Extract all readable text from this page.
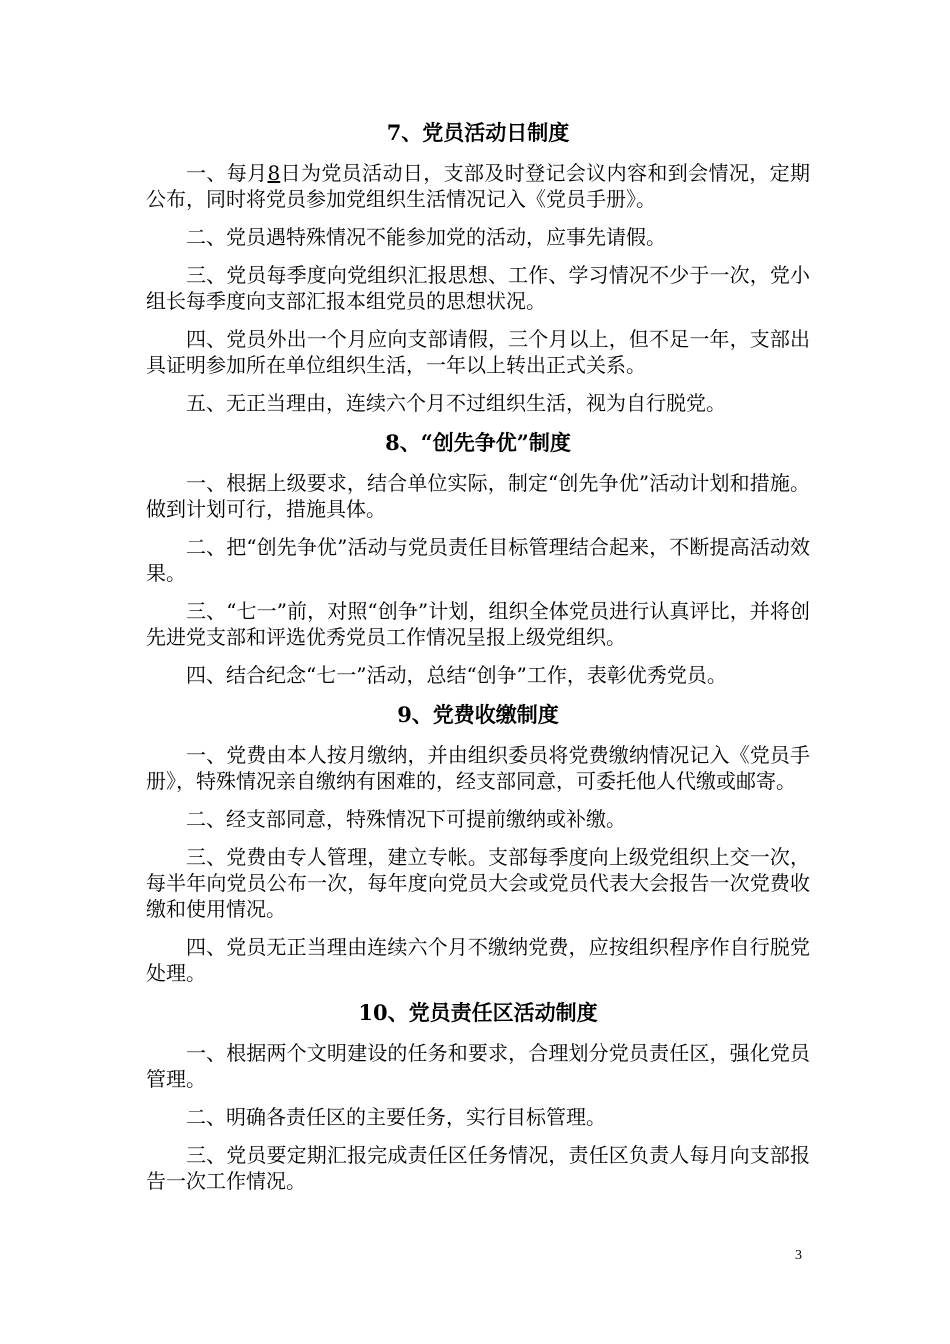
7、党员活动日制度

一、每月8日为党员活动日，支部及时登记会议内容和到会情况，定期公布，同时将党员参加党组织生活情况记入《党员手册》。

二、党员遇特殊情况不能参加党的活动，应事先请假。

三、党员每季度向党组织汇报思想、工作、学习情况不少于一次，党小组长每季度向支部汇报本组党员的思想状况。

四、党员外出一个月应向支部请假，三个月以上，但不足一年，支部出具证明参加所在单位组织生活，一年以上转出正式关系。

五、无正当理由，连续六个月不过组织生活，视为自行脱党。

8、“创先争优”制度

一、根据上级要求，结合单位实际，制定“创先争优”活动计划和措施。做到计划可行，措施具体。

二、把“创先争优”活动与党员责任目标管理结合起来，不断提高活动效果。

三、“七一”前，对照“创争”计划，组织全体党员进行认真评比，并将创先进党支部和评选优秀党员工作情况呈报上级党组织。

四、结合纪念“七一”活动，总结“创争”工作，表彰优秀党员。

9、党费收缴制度

一、党费由本人按月缴纳，并由组织委员将党费缴纳情况记入《党员手册》，特殊情况亲自缴纳有困难的，经支部同意，可委托他人代缴或邮寄。

二、经支部同意，特殊情况下可提前缴纳或补缴。

三、党费由专人管理，建立专帐。支部每季度向上级党组织上交一次，每半年向党员公布一次，每年度向党员大会或党员代表大会报告一次党费收缴和使用情况。

四、党员无正当理由连续六个月不缴纳党费，应按组织程序作自行脱党处理。

10、党员责任区活动制度

一、根据两个文明建设的任务和要求，合理划分党员责任区，强化党员管理。

二、明确各责任区的主要任务，实行目标管理。

三、党员要定期汇报完成责任区任务情况，责任区负责人每月向支部报告一次工作情况。

3
